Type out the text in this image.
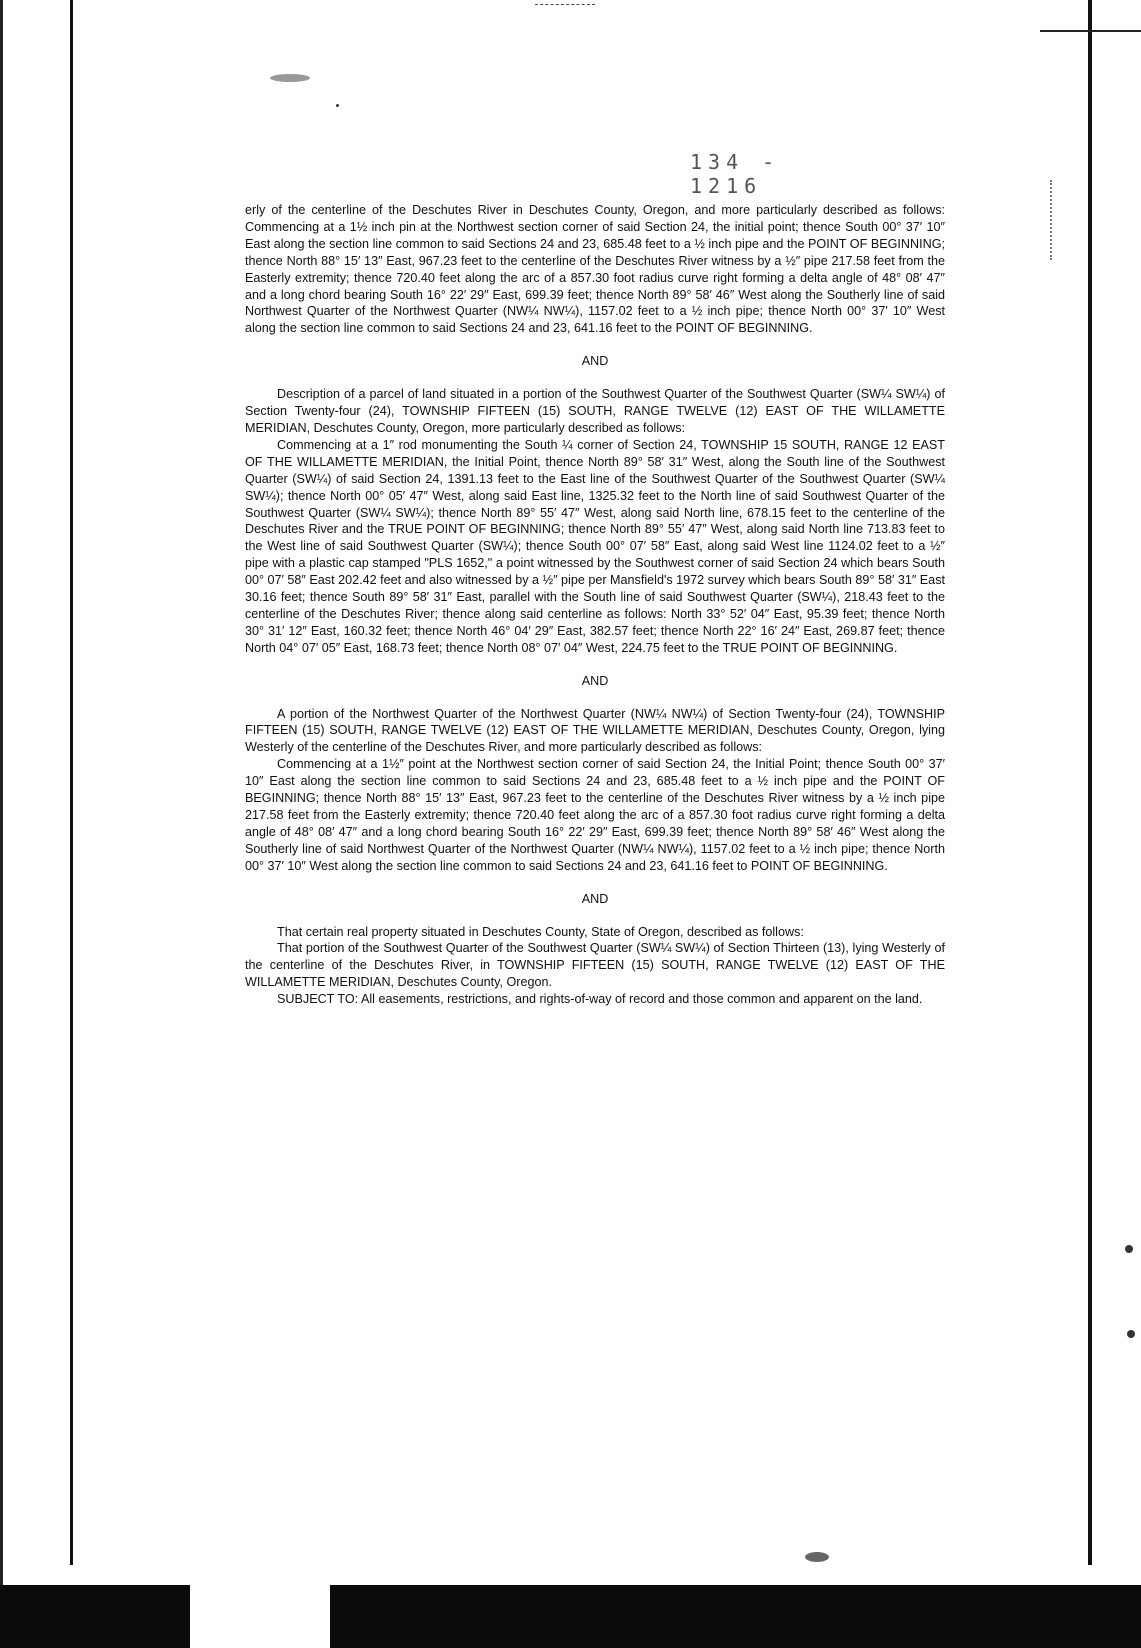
134 - 1216

erly of the centerline of the Deschutes River in Deschutes County, Oregon, and more particularly described as follows: Commencing at a 1½ inch pin at the Northwest section corner of said Section 24, the initial point; thence South 00° 37′ 10″ East along the section line common to said Sections 24 and 23, 685.48 feet to a ½ inch pipe and the POINT OF BEGINNING; thence North 88° 15′ 13″ East, 967.23 feet to the centerline of the Deschutes River witness by a ½″ pipe 217.58 feet from the Easterly extremity; thence 720.40 feet along the arc of a 857.30 foot radius curve right forming a delta angle of 48° 08′ 47″ and a long chord bearing South 16° 22′ 29″ East, 699.39 feet; thence North 89° 58′ 46″ West along the Southerly line of said Northwest Quarter of the Northwest Quarter (NW¼ NW¼), 1157.02 feet to a ½ inch pipe; thence North 00° 37′ 10″ West along the section line common to said Sections 24 and 23, 641.16 feet to the POINT OF BEGINNING.

AND

Description of a parcel of land situated in a portion of the Southwest Quarter of the Southwest Quarter (SW¼ SW¼) of Section Twenty-four (24), TOWNSHIP FIFTEEN (15) SOUTH, RANGE TWELVE (12) EAST OF THE WILLAMETTE MERIDIAN, Deschutes County, Oregon, more particularly described as follows:

Commencing at a 1″ rod monumenting the South ¼ corner of Section 24, TOWNSHIP 15 SOUTH, RANGE 12 EAST OF THE WILLAMETTE MERIDIAN, the Initial Point, thence North 89° 58′ 31″ West, along the South line of the Southwest Quarter (SW¼) of said Section 24, 1391.13 feet to the East line of the Southwest Quarter of the Southwest Quarter (SW¼ SW¼); thence North 00° 05′ 47″ West, along said East line, 1325.32 feet to the North line of said Southwest Quarter of the Southwest Quarter (SW¼ SW¼); thence North 89° 55′ 47″ West, along said North line, 678.15 feet to the centerline of the Deschutes River and the TRUE POINT OF BEGINNING; thence North 89° 55′ 47″ West, along said North line 713.83 feet to the West line of said Southwest Quarter (SW¼); thence South 00° 07′ 58″ East, along said West line 1124.02 feet to a ½″ pipe with a plastic cap stamped "PLS 1652," a point witnessed by the Southwest corner of said Section 24 which bears South 00° 07′ 58″ East 202.42 feet and also witnessed by a ½″ pipe per Mansfield's 1972 survey which bears South 89° 58′ 31″ East 30.16 feet; thence South 89° 58′ 31″ East, parallel with the South line of said Southwest Quarter (SW¼), 218.43 feet to the centerline of the Deschutes River; thence along said centerline as follows: North 33° 52′ 04″ East, 95.39 feet; thence North 30° 31′ 12″ East, 160.32 feet; thence North 46° 04′ 29″ East, 382.57 feet; thence North 22° 16′ 24″ East, 269.87 feet; thence North 04° 07′ 05″ East, 168.73 feet; thence North 08° 07′ 04″ West, 224.75 feet to the TRUE POINT OF BEGINNING.

AND

A portion of the Northwest Quarter of the Northwest Quarter (NW¼ NW¼) of Section Twenty-four (24), TOWNSHIP FIFTEEN (15) SOUTH, RANGE TWELVE (12) EAST OF THE WILLAMETTE MERIDIAN, Deschutes County, Oregon, lying Westerly of the centerline of the Deschutes River, and more particularly described as follows:

Commencing at a 1½″ point at the Northwest section corner of said Section 24, the Initial Point; thence South 00° 37′ 10″ East along the section line common to said Sections 24 and 23, 685.48 feet to a ½ inch pipe and the POINT OF BEGINNING; thence North 88° 15′ 13″ East, 967.23 feet to the centerline of the Deschutes River witness by a ½ inch pipe 217.58 feet from the Easterly extremity; thence 720.40 feet along the arc of a 857.30 foot radius curve right forming a delta angle of 48° 08′ 47″ and a long chord bearing South 16° 22′ 29″ East, 699.39 feet; thence North 89° 58′ 46″ West along the Southerly line of said Northwest Quarter of the Northwest Quarter (NW¼ NW¼), 1157.02 feet to a ½ inch pipe; thence North 00° 37′ 10″ West along the section line common to said Sections 24 and 23, 641.16 feet to POINT OF BEGINNING.

AND

That certain real property situated in Deschutes County, State of Oregon, described as follows:

That portion of the Southwest Quarter of the Southwest Quarter (SW¼ SW¼) of Section Thirteen (13), lying Westerly of the centerline of the Deschutes River, in TOWNSHIP FIFTEEN (15) SOUTH, RANGE TWELVE (12) EAST OF THE WILLAMETTE MERIDIAN, Deschutes County, Oregon.

SUBJECT TO: All easements, restrictions, and rights-of-way of record and those common and apparent on the land.
